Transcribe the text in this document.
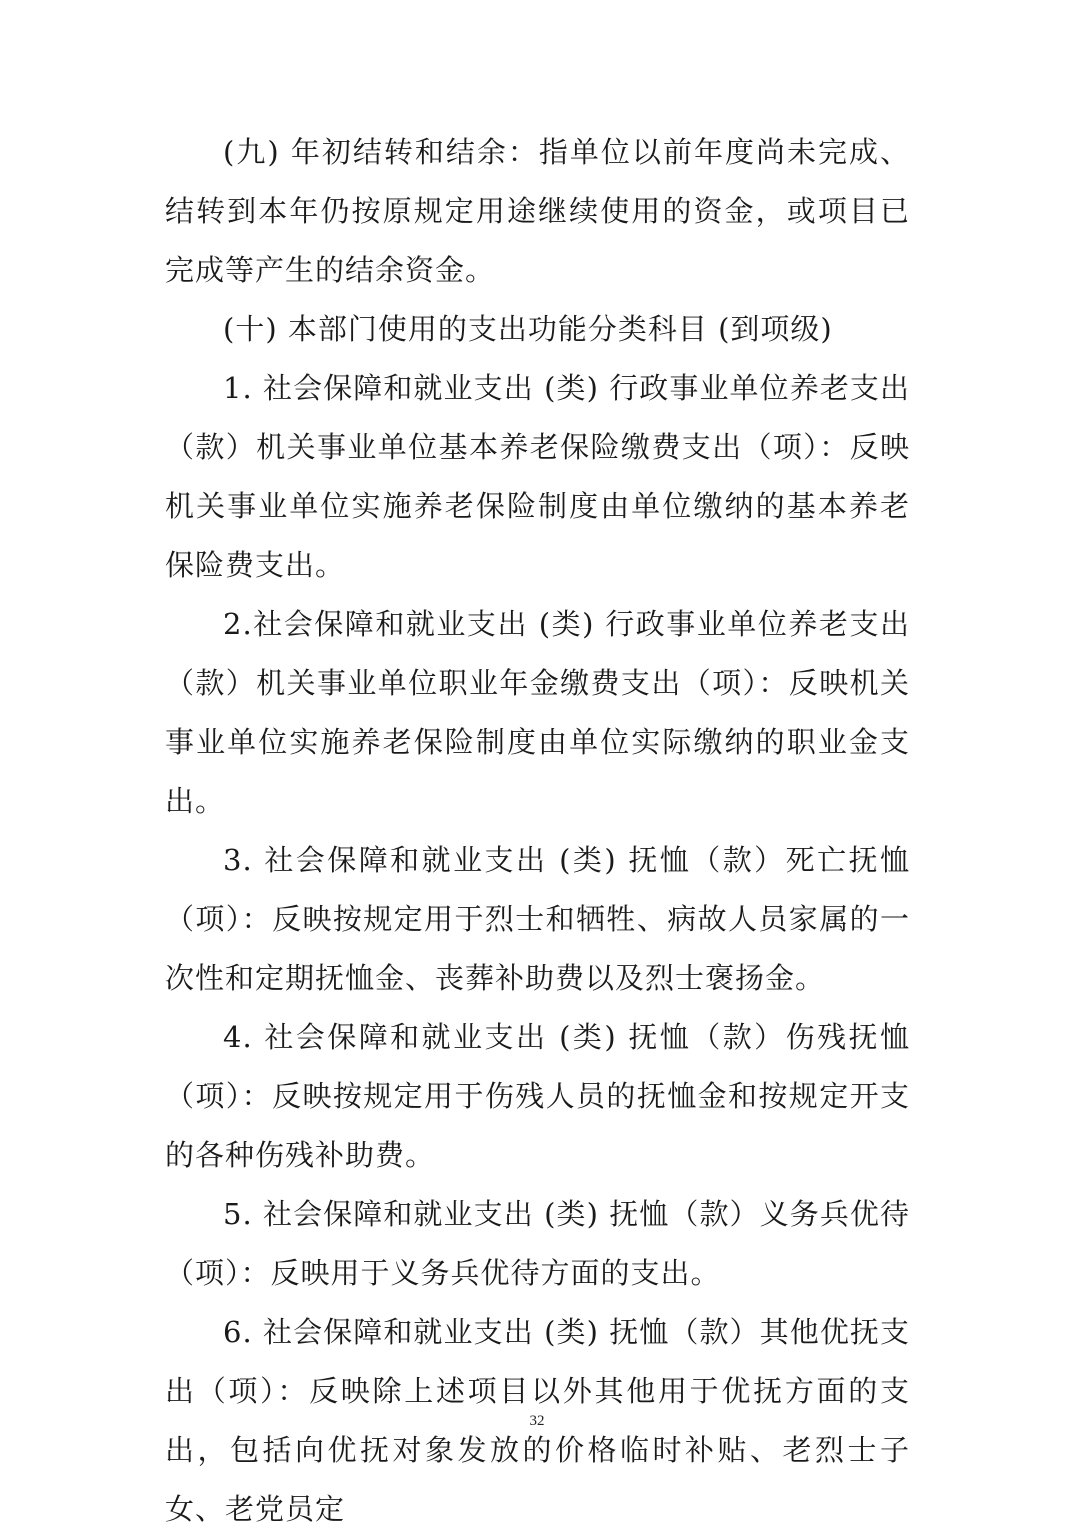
(九) 年初结转和结余：指单位以前年度尚未完成、结转到本年仍按原规定用途继续使用的资金，或项目已完成等产生的结余资金。

(十) 本部门使用的支出功能分类科目 (到项级)

1. 社会保障和就业支出 (类) 行政事业单位养老支出（款）机关事业单位基本养老保险缴费支出（项）：反映机关事业单位实施养老保险制度由单位缴纳的基本养老保险费支出。

2.社会保障和就业支出 (类) 行政事业单位养老支出（款）机关事业单位职业年金缴费支出（项）：反映机关事业单位实施养老保险制度由单位实际缴纳的职业金支出。

3. 社会保障和就业支出 (类) 抚恤（款）死亡抚恤（项）：反映按规定用于烈士和牺牲、病故人员家属的一次性和定期抚恤金、丧葬补助费以及烈士褒扬金。

4. 社会保障和就业支出 (类) 抚恤（款）伤残抚恤（项）：反映按规定用于伤残人员的抚恤金和按规定开支的各种伤残补助费。

5. 社会保障和就业支出 (类) 抚恤（款）义务兵优待（项）：反映用于义务兵优待方面的支出。

6. 社会保障和就业支出 (类) 抚恤（款）其他优抚支出（项）：反映除上述项目以外其他用于优抚方面的支出，包括向优抚对象发放的价格临时补贴、老烈士子女、老党员定

32
